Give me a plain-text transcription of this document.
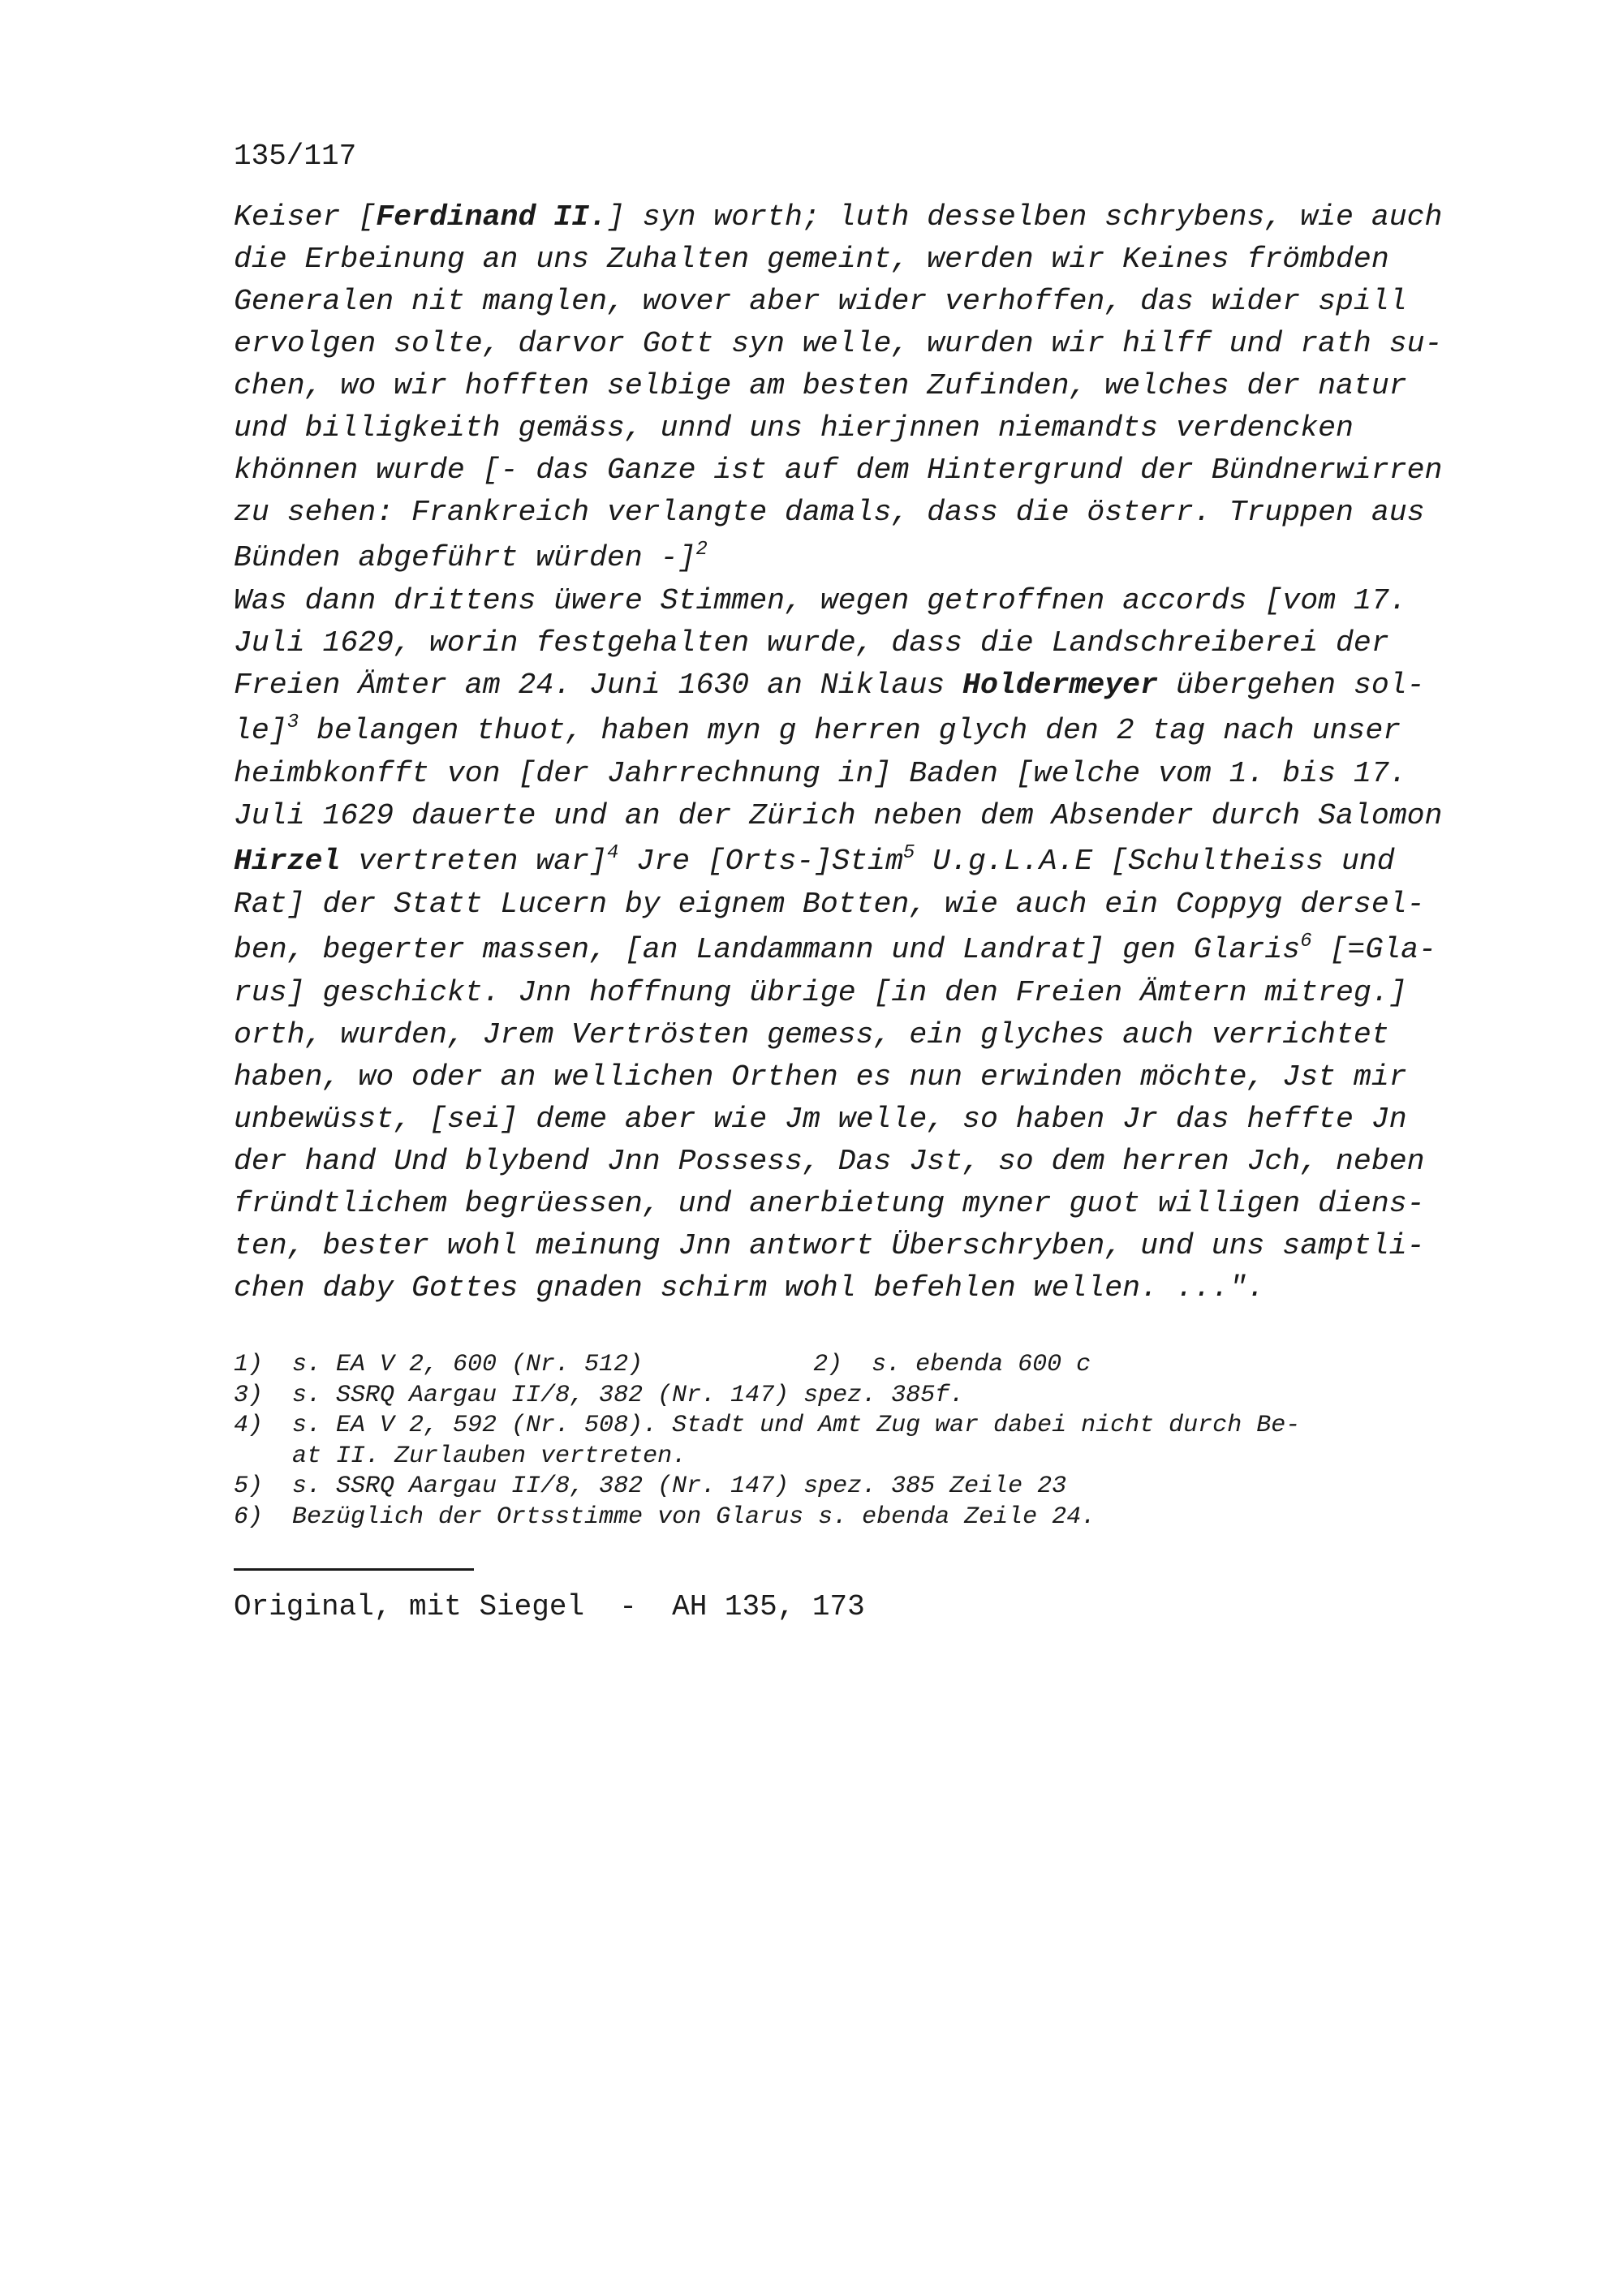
135/117
Keiser [Ferdinand II.] syn worth; luth desselben schrybens, wie auch
die Erbeinung an uns Zuhalten gemeint, werden wir Keines frömbden
Generalen nit manglen, wover aber wider verhoffen, das wider spill
ervolgen solte, darvor Gott syn welle, wurden wir hilff und rath su-
chen, wo wir hofften selbige am besten Zufinden, welches der natur
und billigkeith gemäss, unnd uns hierjnnen niemandts verdencken
khönnen wurde [- das Ganze ist auf dem Hintergrund der Bündnerwirren
zu sehen: Frankreich verlangte damals, dass die österr. Truppen aus
Bünden abgeführt würden -]$^2$
Was dann drittens üwere Stimmen, wegen getroffnen accords [vom 17.
Juli 1629, worin festgehalten wurde, dass die Landschreiberei der
Freien Ämter am 24. Juni 1630 an Niklaus Holdermeyer übergehen sol-
le]$^3$ belangen thuot, haben myn g herren glych den 2 tag nach unser
heimbkonfft von [der Jahrrechnung in] Baden [welche vom 1. bis 17.
Juli 1629 dauerte und an der Zürich neben dem Absender durch Salomon
Hirzel vertreten war]$^4$ Jre [Orts-]Stim$^5$ U.g.L.A.E [Schultheiss und
Rat] der Statt Lucern by eignem Botten, wie auch ein Coppyg dersel-
ben, begerter massen, [an Landammann und Landrat] gen Glaris$^6$ [=Gla-
rus] geschickt. Jnn hoffnung übrige [in den Freien Ämtern mitreg.]
orth, wurden, Jrem Vertrösten gemess, ein glyches auch verrichtet
haben, wo oder an wellichen Orthen es nun erwinden möchte, Jst mir
unbewüsst, [sei] deme aber wie Jm welle, so haben Jr das heffte Jn
der hand Und blybend Jnn Possess, Das Jst, so dem herren Jch, neben
fründtlichem begrüessen, und anerbietung myner guot willigen diens-
ten, bester wohl meinung Jnn antwort Überschryben, und uns samptli-
chen daby Gottes gnaden schirm wohl befehlen wellen. ...".
1) s. EA V 2, 600 (Nr. 512)	2) s. ebenda 600 c
3) s. SSRQ Aargau II/8, 382 (Nr. 147) spez. 385f.
4) s. EA V 2, 592 (Nr. 508). Stadt und Amt Zug war dabei nicht durch Be-
at II. Zurlauben vertreten.
5) s. SSRQ Aargau II/8, 382 (Nr. 147) spez. 385 Zeile 23
6) Bezüglich der Ortsstimme von Glarus s. ebenda Zeile 24.
Original, mit Siegel  -  AH 135, 173
